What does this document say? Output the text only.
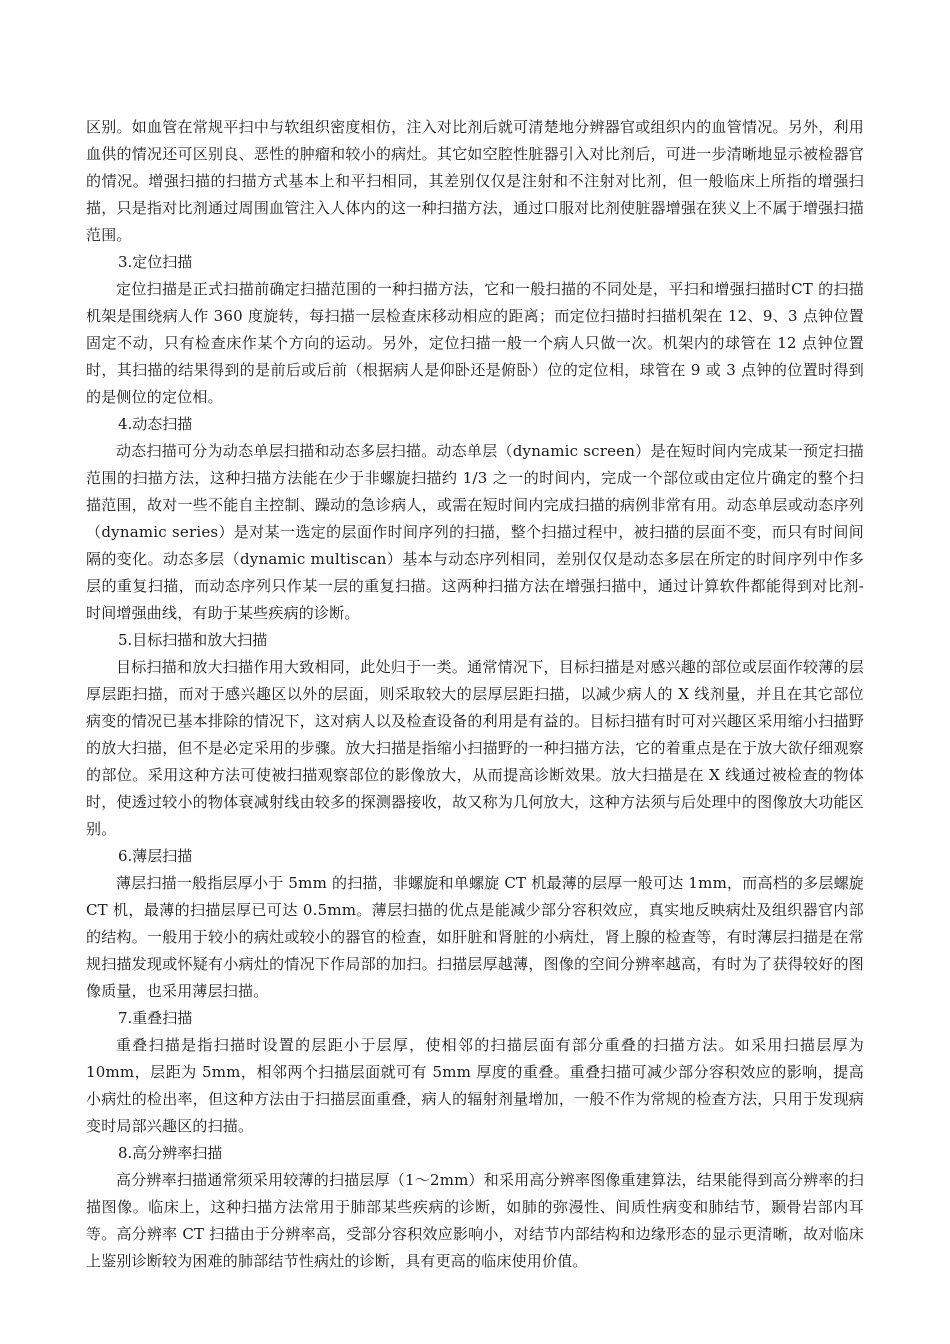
区别。如血管在常规平扫中与软组织密度相仿，注入对比剂后就可清楚地分辨器官或组织内的血管情况。另外，利用血供的情况还可区别良、恶性的肿瘤和较小的病灶。其它如空腔性脏器引入对比剂后，可进一步清晰地显示被检器官的情况。增强扫描的扫描方式基本上和平扫相同，其差别仅仅是注射和不注射对比剂，但一般临床上所指的增强扫描，只是指对比剂通过周围血管注入人体内的这一种扫描方法，通过口服对比剂使脏器增强在狭义上不属于增强扫描范围。

3.定位扫描

定位扫描是正式扫描前确定扫描范围的一种扫描方法，它和一般扫描的不同处是，平扫和增强扫描时CT 的扫描机架是围绕病人作 360 度旋转，每扫描一层检查床移动相应的距离；而定位扫描时扫描机架在 12、9、3 点钟位置固定不动，只有检查床作某个方向的运动。另外，定位扫描一般一个病人只做一次。机架内的球管在 12 点钟位置时，其扫描的结果得到的是前后或后前（根据病人是仰卧还是俯卧）位的定位相，球管在 9 或 3 点钟的位置时得到的是侧位的定位相。

4.动态扫描

动态扫描可分为动态单层扫描和动态多层扫描。动态单层（dynamic screen）是在短时间内完成某一预定扫描范围的扫描方法，这种扫描方法能在少于非螺旋扫描约 1/3 之一的时间内，完成一个部位或由定位片确定的整个扫描范围，故对一些不能自主控制、躁动的急诊病人，或需在短时间内完成扫描的病例非常有用。动态单层或动态序列（dynamic series）是对某一选定的层面作时间序列的扫描，整个扫描过程中，被扫描的层面不变，而只有时间间隔的变化。动态多层（dynamic multiscan）基本与动态序列相同，差别仅仅是动态多层在所定的时间序列中作多层的重复扫描，而动态序列只作某一层的重复扫描。这两种扫描方法在增强扫描中，通过计算软件都能得到对比剂-时间增强曲线，有助于某些疾病的诊断。

5.目标扫描和放大扫描

目标扫描和放大扫描作用大致相同，此处归于一类。通常情况下，目标扫描是对感兴趣的部位或层面作较薄的层厚层距扫描，而对于感兴趣区以外的层面，则采取较大的层厚层距扫描，以减少病人的 X 线剂量，并且在其它部位病变的情况已基本排除的情况下，这对病人以及检查设备的利用是有益的。目标扫描有时可对兴趣区采用缩小扫描野的放大扫描，但不是必定采用的步骤。放大扫描是指缩小扫描野的一种扫描方法，它的着重点是在于放大欲仔细观察的部位。采用这种方法可使被扫描观察部位的影像放大，从而提高诊断效果。放大扫描是在 X 线通过被检查的物体时，使透过较小的物体衰减射线由较多的探测器接收，故又称为几何放大，这种方法须与后处理中的图像放大功能区别。

6.薄层扫描

薄层扫描一般指层厚小于 5mm 的扫描，非螺旋和单螺旋 CT 机最薄的层厚一般可达 1mm，而高档的多层螺旋 CT 机，最薄的扫描层厚已可达 0.5mm。薄层扫描的优点是能减少部分容积效应，真实地反映病灶及组织器官内部的结构。一般用于较小的病灶或较小的器官的检查，如肝脏和肾脏的小病灶，肾上腺的检查等，有时薄层扫描是在常规扫描发现或怀疑有小病灶的情况下作局部的加扫。扫描层厚越薄，图像的空间分辨率越高，有时为了获得较好的图像质量，也采用薄层扫描。

7.重叠扫描

重叠扫描是指扫描时设置的层距小于层厚，使相邻的扫描层面有部分重叠的扫描方法。如采用扫描层厚为 10mm，层距为 5mm，相邻两个扫描层面就可有 5mm 厚度的重叠。重叠扫描可减少部分容积效应的影响，提高小病灶的检出率，但这种方法由于扫描层面重叠，病人的辐射剂量增加，一般不作为常规的检查方法，只用于发现病变时局部兴趣区的扫描。

8.高分辨率扫描

高分辨率扫描通常须采用较薄的扫描层厚（1～2mm）和采用高分辨率图像重建算法，结果能得到高分辨率的扫描图像。临床上，这种扫描方法常用于肺部某些疾病的诊断，如肺的弥漫性、间质性病变和肺结节，颞骨岩部内耳等。高分辨率 CT 扫描由于分辨率高，受部分容积效应影响小，对结节内部结构和边缘形态的显示更清晰，故对临床上鉴别诊断较为困难的肺部结节性病灶的诊断，具有更高的临床使用价值。
